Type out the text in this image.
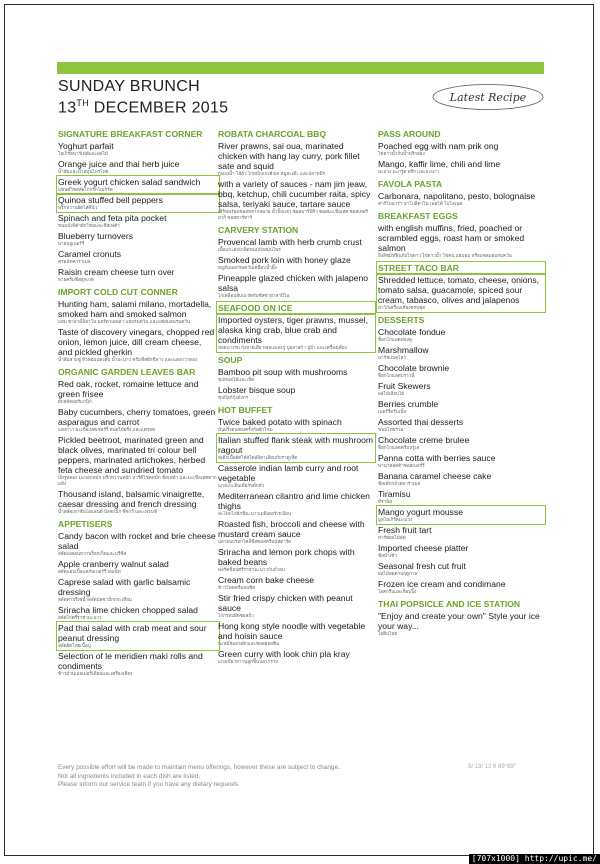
SUNDAY BRUNCH
13TH DECEMBER 2015
Latest Recipe
SIGNATURE BREAKFAST CORNER
Yoghurt parfait
โยเกิร์ตพาร์เฟต์และผลไม้
Orange juice and thai herb juice
น้ำส้มและน้ำสมุนไพรไทย
Greek yogurt chicken salad sandwich
แซนด์วิชสลัดไก่กรีกโยเกิร์ต
Quinoa stuffed bell peppers
พริกหวานยัดไส้คีนัว
Spinach and feta pita pocket
ขนมปังพิต้าผักโขมและชีสเฟต้า
Blueberry turnovers
พายบลูเบอร์รี่
Caramel cronuts
ครอนัทคาราเมล
Raisin cream cheese turn over
พายครีมชีสลูกเกด
IMPORT COLD CUT CONNER
Hunting ham, salami milano, mortadella, smoked ham and smoked salmon
แฮม ซาลามี่มิลาโน มอร์ตาเดลลา แฮมรมควัน และแซลมอนรมควัน
Taste of discovery vinegars, chopped red onion, lemon juice, dill cream cheese, and pickled gherkin
น้ำส้มสายชู หัวหอมแดงสับ น้ำมะนาว ครีมชีสผักชีลาว และแตงกวาดอง
ORGANIC GARDEN LEAVES BAR
Red oak, rocket, romaine lettuce and green frisee
ผักสลัดออร์แกนิก
Baby cucumbers, cherry tomatoes, green asparagus and carrot
แตงกวา มะเขือเทศเชอร์รี่ หน่อไม้ฝรั่ง และแครอท
Pickled beetroot, marinated green and black olives, marinated tri colour bell peppers, marinated artichokes, herbed feta cheese and sundried tomato
บีทรูทดอง มะกอกหมัก พริกหวานหมัก อาร์ติโชคหมัก ชีสเฟต้า และมะเขือเทศตากแห้ง
Thousand island, balsamic vinaigrette, caesar dressing and french dressing
น้ำสลัดเทาซันไอแลนด์ บัลซามิก ซีซาร์ และเฟรนช์
APPETISERS
Candy bacon with rocket and brie cheese salad
สลัดเบคอนหวานร็อกเก็ตและบรีชีส
Apple cranberry walnut salad
สลัดแอปเปิ้ลแครนเบอร์รี่วอลนัท
Caprese salad with garlic balsamic dressing
สลัดคาปรีเซ่น้ำสลัดบัลซามิกกระเทียม
Sriracha lime chicken chopped salad
สลัดไก่ศรีราชามะนาว
Pad thai salad with crab meat and sour peanut dressing
สลัดผัดไทยเนื้อปู
Selection of le meridien maki rolls and condiments
ข้าวม้วนเลอเมอริเดียนและเครื่องเคียง
ROBATA CHARCOAL BBQ
River prawns, sai oua, marinated chicken with hang lay curry, pork fillet sate and squid
กุ้งแม่น้ำ ไส้อั่ว ไก่หมักแกงฮังเล หมูสะเต๊ะ และปลาหมึก
with a variety of sauces - nam jim jeaw, bbq, ketchup, chili cucumber raita, spicy salsa, teriyaki sauce, tartare sauce
เสิร์ฟพร้อมซอสหลากหลาย น้ำจิ้มแจ่ว ซอสบาร์บีคิว ซอสมะเขือเทศ ซอสเทอริยากิ ซอสทาร์ทาร์
CARVERY STATION
Provencal lamb with herb crumb crust
เนื้อแกะอบเกล็ดขนมปังสมุนไพร
Smoked pork loin with honey glaze
หมูสันนอกรมควันเคลือบน้ำผึ้ง
Pineapple glazed chicken with jalapeno salsa
ไก่เคลือบสับปะรดกับซัลซ่าฮาลาปิโน
SEAFOOD ON ICE
Imported oysters, tiger prawns, mussel, alaska king crab, blue crab and condiments
หอยนางรม กุ้งลายเสือ หอยแมลงภู่ ปูอลาสก้า ปูม้า และเครื่องเคียง
SOUP
Bamboo pit soup with mushrooms
ซุปหน่อไม้และเห็ด
Lobster bisque soup
ซุปบิสก์กุ้งมังกร
HOT BUFFET
Twice baked potato with spinach
มันฝรั่งอบสองครั้งกับผักโขม
Italian stuffed flank steak with mushroom ragout
สเต๊กเนื้อยัดไส้สไตล์อิตาเลียนกับราคูเห็ด
Casserole indian lamb curry and root vegetable
แกงแกะอินเดียกับผักหัว
Mediterranean cilantro and lime chicken thighs
สะโพกไก่ผักชีมะนาวเมดิเตอร์เรเนียน
Roasted fish, broccoli and cheese with mustard cream sauce
ปลาอบบรอกโคลีชีสซอสครีมมัสตาร์ด
Sriracha and lemon pork chops with baked beans
พอร์คช็อปศรีราชามะนาวกับถั่วอบ
Cream corn bake cheese
ข้าวโพดครีมอบชีส
Stir fried crispy chicken with peanut sauce
ไก่กรอบผัดซอสถั่ว
Hong kong style noodle with vegetable and hoisin sauce
บะหมี่ฮ่องกงผักและซอสฮอยซิน
Green curry with look chin pla kray
แกงเขียวหวานลูกชิ้นปลากราย
PASS AROUND
Poached egg with nam prik ong
ไข่ดาวน้ำกับน้ำพริกอ่อง
Mango, kaffir lime, chili and lime
มะม่วง มะกรูด พริก และมะนาว
FAVOLA PASTA
Carbonara, napolitano, pesto, bolognaise
คาร์โบนาร่า นาโปลิตาโน่ เพสโต้ โบโลเนส
BREAKFAST EGGS
with english muffins, fried, poached or scrambled eggs, roast ham or smoked salmon
อิงลิชมัฟฟินกับไข่ดาว ไข่ดาวน้ำ ไข่คน แฮมอบ หรือแซลมอนรมควัน
STREET TACO BAR
Shredded lettuce, tomato, cheese, onions, tomato salsa, guacamole, spiced sour cream, tabasco, olives and jalapenos
ทาโก้เครื่องเคียงครบชุด
DESSERTS
Chocolate fondue
ช็อกโกแลตฟองดู
Marshmallow
มาร์ชแมลโลว์
Chocolate brownie
ช็อกโกแลตบราวนี่
Fruit Skewers
ผลไม้เสียบไม้
Berries crumble
เบอร์รี่ครัมเบิ้ล
Assorted thai desserts
ขนมไทยรวม
Chocolate creme brulee
ช็อกโกแลตครีมบรูเล่
Panna cotta with berries sauce
พานาคอตต้าซอสเบอร์รี่
Banana caramel cheese cake
ชีสเค้กกล้วยคาราเมล
Tiramisu
ทีรามิสุ
Mango yogurt mousse
มูสโยเกิร์ตมะม่วง
Fresh fruit tart
ทาร์ตผลไม้สด
Imported cheese platter
ชีสนำเข้า
Seasonal fresh cut fruit
ผลไม้สดตามฤดูกาล
Frozen ice cream and condimane
ไอศกรีมและท็อปปิ้ง
THAI POPSICLE AND ICE STATION
"Enjoy and create your own" Style your ice your way...
ไอติมไทย
Every possible effort will be made to maintain menu offerings, however these are subject to change.
Not all ingredients included in each dish are listed.
Please inform our service team if you have any dietary requests
9/ 13/ 12 6 89°89°
[707x1000] http://upic.me/
